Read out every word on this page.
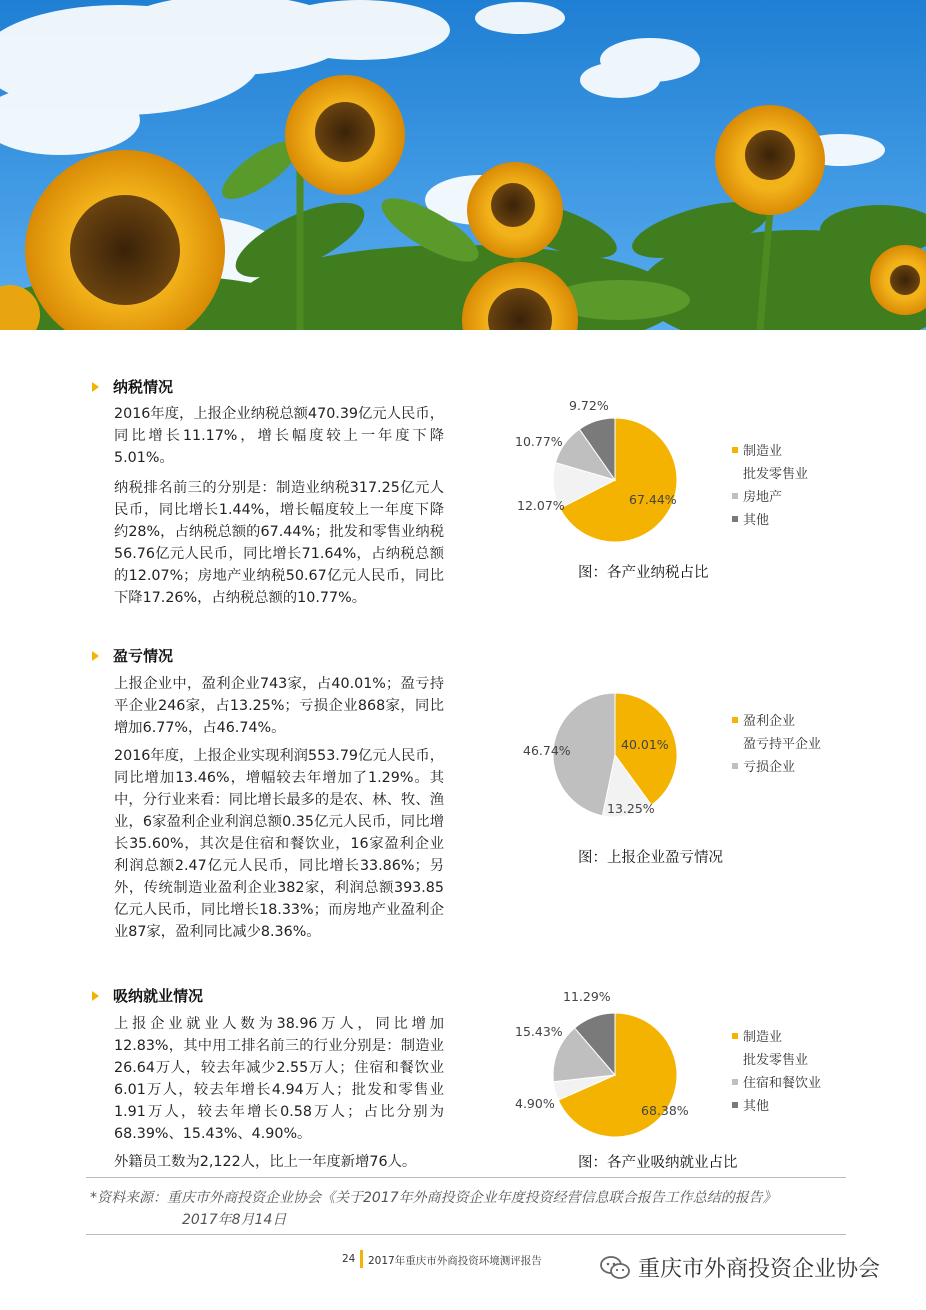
纳税情况

2016年度，上报企业纳税总额470.39亿元人民币，同比增长11.17%，增长幅度较上一年度下降5.01%。

纳税排名前三的分别是：制造业纳税317.25亿元人民币，同比增长1.44%，增长幅度较上一年度下降约28%，占纳税总额的67.44%；批发和零售业纳税56.76亿元人民币，同比增长71.64%，占纳税总额的12.07%；房地产业纳税50.67亿元人民币，同比下降17.26%，占纳税总额的10.77%。

67.44%
12.07%
10.77%
9.72%
制造业
批发零售业
房地产
其他
图：各产业纳税占比
盈亏情况

上报企业中，盈利企业743家，占40.01%；盈亏持平企业246家，占13.25%；亏损企业868家，同比增加6.77%，占46.74%。

2016年度，上报企业实现利润553.79亿元人民币，同比增加13.46%，增幅较去年增加了1.29%。其中，分行业来看：同比增长最多的是农、林、牧、渔业，6家盈利企业利润总额0.35亿元人民币，同比增长35.60%，其次是住宿和餐饮业，16家盈利企业利润总额2.47亿元人民币，同比增长33.86%；另外，传统制造业盈利企业382家，利润总额393.85亿元人民币，同比增长18.33%；而房地产业盈利企业87家，盈利同比减少8.36%。

40.01%
13.25%
46.74%
盈利企业
盈亏持平企业
亏损企业
图：上报企业盈亏情况
吸纳就业情况

上报企业就业人数为38.96万人，同比增加12.83%，其中用工排名前三的行业分别是：制造业26.64万人，较去年减少2.55万人；住宿和餐饮业6.01万人，较去年增长4.94万人；批发和零售业1.91万人，较去年增长0.58万人；占比分别为68.39%、15.43%、4.90%。

外籍员工数为2,122人，比上一年度新增76人。

68.38%
4.90%
15.43%
11.29%
制造业
批发零售业
住宿和餐饮业
其他
图：各产业吸纳就业占比
*资料来源：重庆市外商投资企业协会《关于2017年外商投资企业年度投资经营信息联合报告工作总结的报告》
2017年8月14日
24 2017年重庆市外商投资环境测评报告	重庆市外商投资企业协会
